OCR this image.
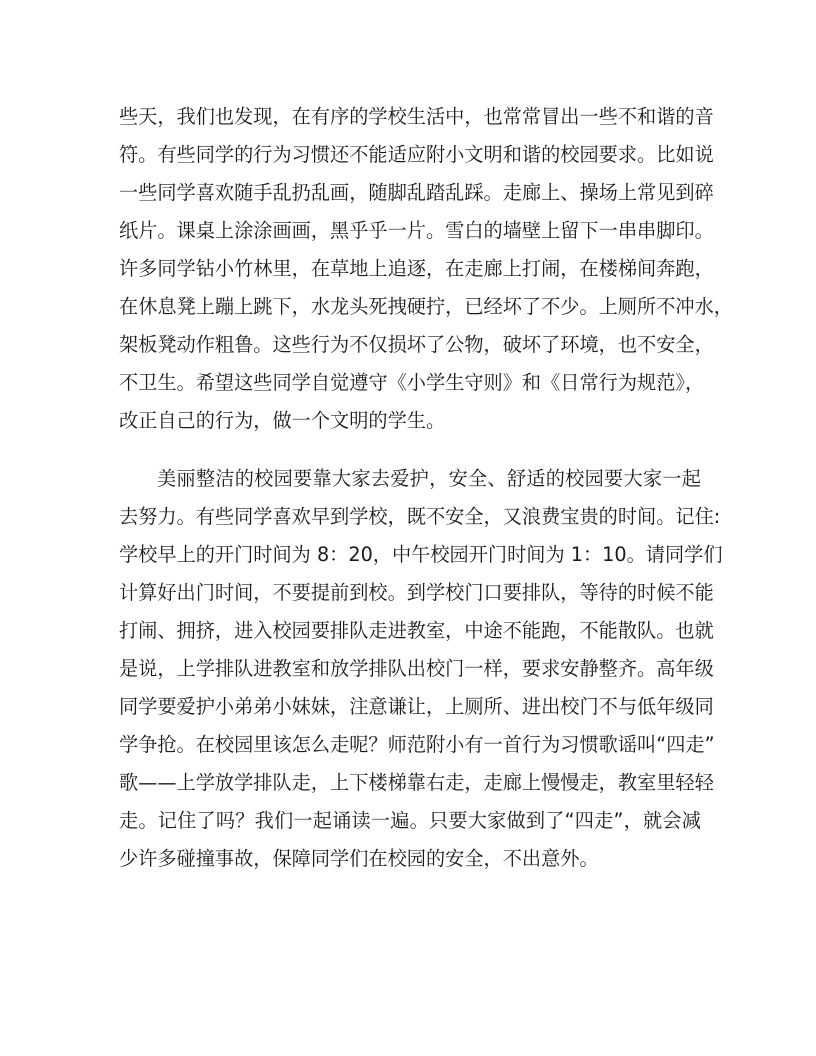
些天，我们也发现，在有序的学校生活中，也常常冒出一些不和谐的音
符。有些同学的行为习惯还不能适应附小文明和谐的校园要求。比如说
一些同学喜欢随手乱扔乱画，随脚乱踏乱踩。走廊上、操场上常见到碎
纸片。课桌上涂涂画画，黑乎乎一片。雪白的墙壁上留下一串串脚印。
许多同学钻小竹林里，在草地上追逐，在走廊上打闹，在楼梯间奔跑，
在休息凳上蹦上跳下，水龙头死拽硬拧，已经坏了不少。上厕所不冲水，
架板凳动作粗鲁。这些行为不仅损坏了公物，破坏了环境，也不安全，
不卫生。希望这些同学自觉遵守《小学生守则》和《日常行为规范》，
改正自己的行为，做一个文明的学生。
美丽整洁的校园要靠大家去爱护，安全、舒适的校园要大家一起
去努力。有些同学喜欢早到学校，既不安全，又浪费宝贵的时间。记住:
学校早上的开门时间为 8：20，中午校园开门时间为 1：10。请同学们
计算好出门时间，不要提前到校。到学校门口要排队，等待的时候不能
打闹、拥挤，进入校园要排队走进教室，中途不能跑，不能散队。也就
是说，上学排队进教室和放学排队出校门一样，要求安静整齐。高年级
同学要爱护小弟弟小妹妹，注意谦让，上厕所、进出校门不与低年级同
学争抢。在校园里该怎么走呢？师范附小有一首行为习惯歌谣叫“四走”
歌——上学放学排队走，上下楼梯靠右走，走廊上慢慢走，教室里轻轻
走。记住了吗？我们一起诵读一遍。只要大家做到了“四走”，就会减
少许多碰撞事故，保障同学们在校园的安全，不出意外。
